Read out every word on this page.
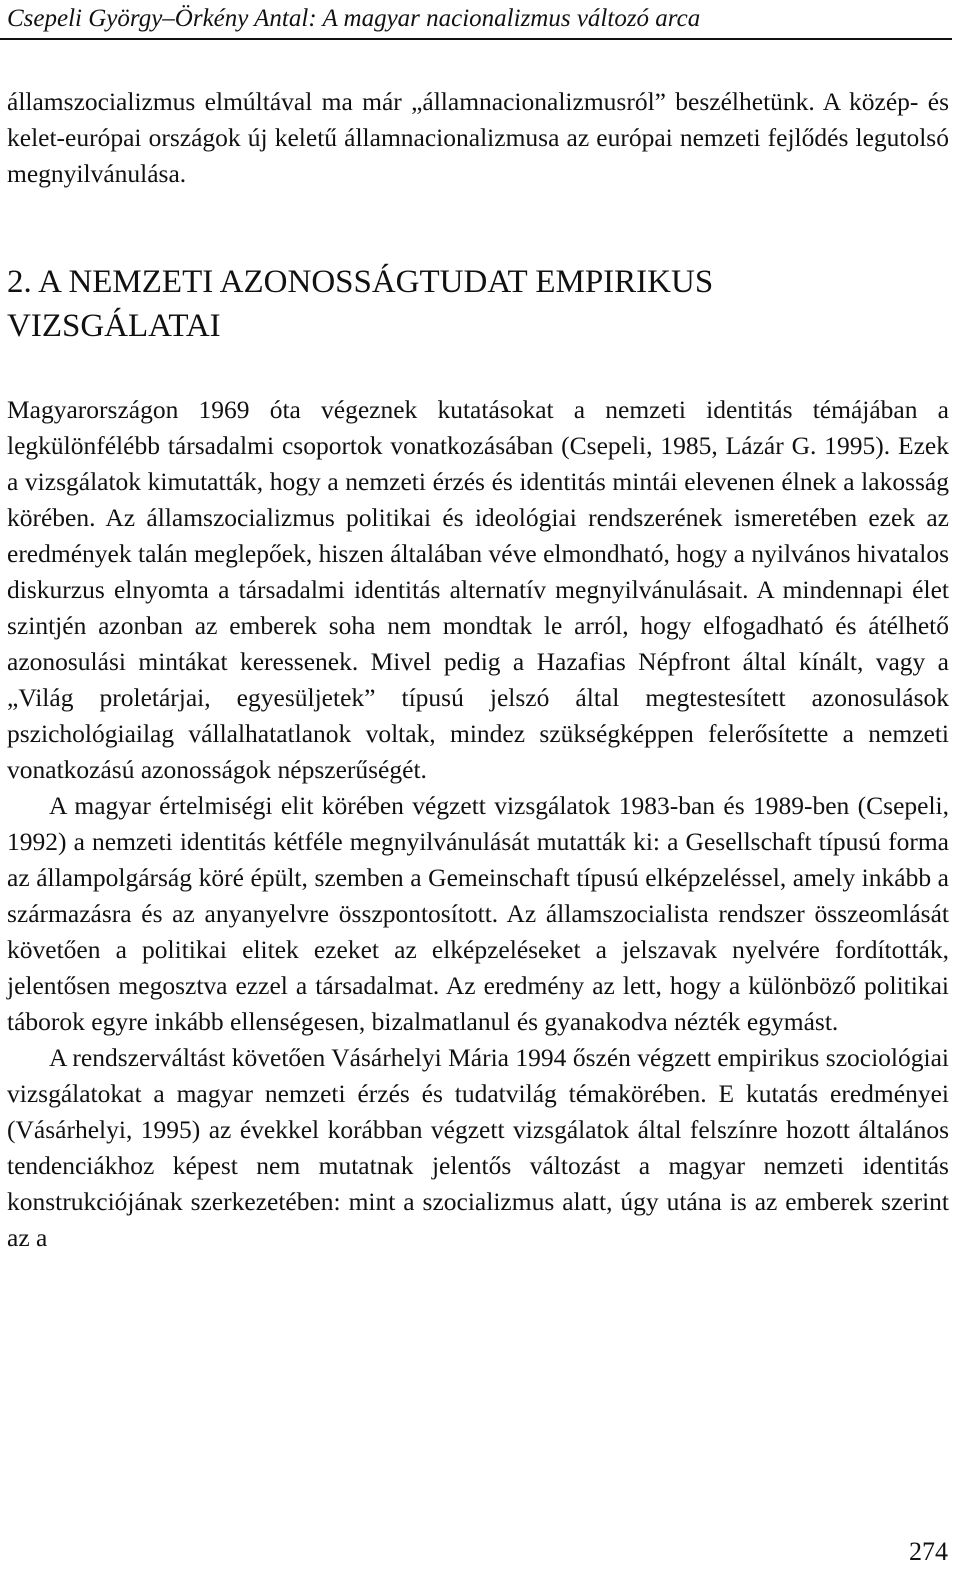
Csepeli György–Örkény Antal: A magyar nacionalizmus változó arca

államszocializmus elmúltával ma már „államnacionalizmusról” beszélhetünk. A közép- és kelet-európai országok új keletű államnacionalizmusa az európai nemzeti fejlődés legutolsó megnyilvánulása.

2. A NEMZETI AZONOSSÁGTUDAT EMPIRIKUS VIZSGÁLATAI

Magyarországon 1969 óta végeznek kutatásokat a nemzeti identitás témájában a legkülönfélébb társadalmi csoportok vonatkozásában (Csepeli, 1985, Lázár G. 1995). Ezek a vizsgálatok kimutatták, hogy a nemzeti érzés és identitás mintái elevenen élnek a lakosság körében. Az államszocializmus politikai és ideológiai rendszerének ismeretében ezek az eredmények talán meglepőek, hiszen általában véve elmondható, hogy a nyilvános hivatalos diskurzus elnyomta a társadalmi identitás alternatív megnyilvánulásait. A mindennapi élet szintjén azonban az emberek soha nem mondtak le arról, hogy elfogadható és átélhető azonosulási mintákat keressenek. Mivel pedig a Hazafias Népfront által kínált, vagy a „Világ proletárjai, egyesüljetek” típusú jelszó által megtestesített azonosulások pszichológiailag vállalhatatlanok voltak, mindez szükségképpen felerősítette a nemzeti vonatkozású azonosságok népszerűségét.

A magyar értelmiségi elit körében végzett vizsgálatok 1983-ban és 1989-ben (Csepeli, 1992) a nemzeti identitás kétféle megnyilvánulását mutatták ki: a Gesellschaft típusú forma az állampolgárság köré épült, szemben a Gemeinschaft típusú elképzeléssel, amely inkább a származásra és az anyanyelvre összpontosított. Az államszocialista rendszer összeomlását követően a politikai elitek ezeket az elképzeléseket a jelszavak nyelvére fordították, jelentősen megosztva ezzel a társadalmat. Az eredmény az lett, hogy a különböző politikai táborok egyre inkább ellenségesen, bizalmatlanul és gyanakodva nézték egymást.

A rendszerváltást követően Vásárhelyi Mária 1994 őszén végzett empirikus szociológiai vizsgálatokat a magyar nemzeti érzés és tudatvilág témakörében. E kutatás eredményei (Vásárhelyi, 1995) az évekkel korábban végzett vizsgálatok által felszínre hozott általános tendenciákhoz képest nem mutatnak jelentős változást a magyar nemzeti identitás konstrukciójának szerkezetében: mint a szocializmus alatt, úgy utána is az emberek szerint az a

274
